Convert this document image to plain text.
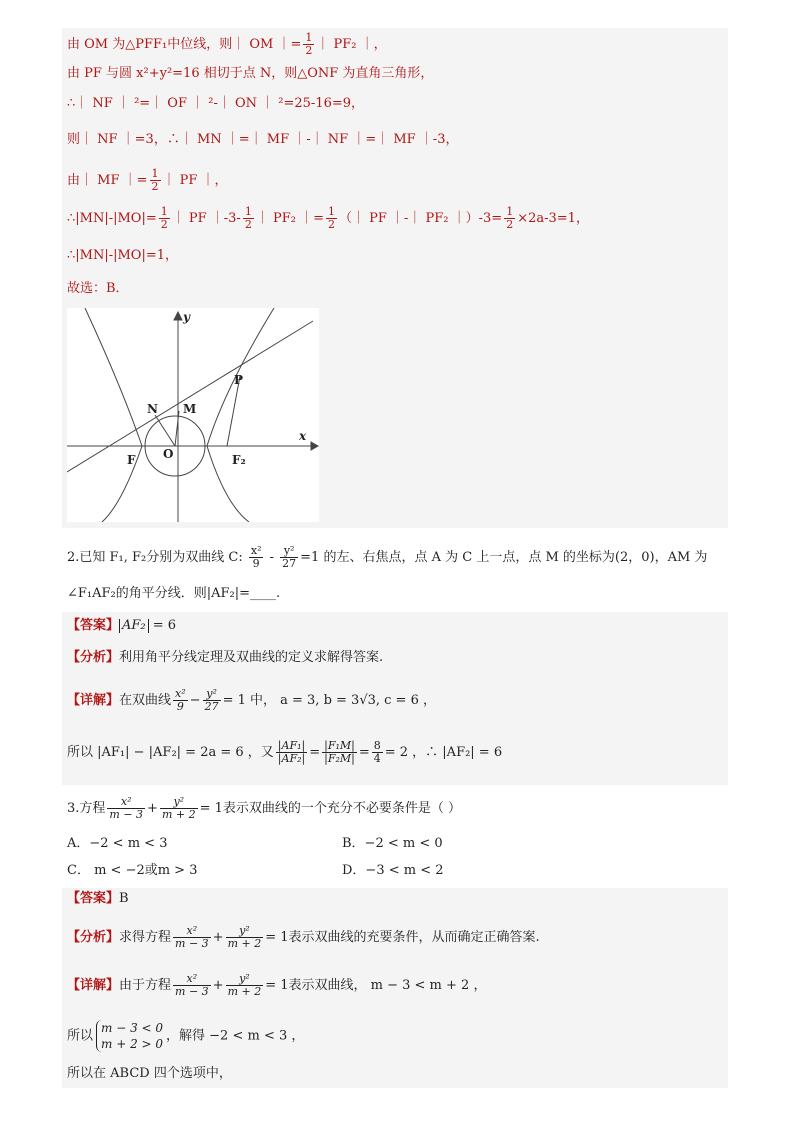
由 OM 为△PFF₁中位线，则｜ OM ｜= $\frac{1}{2}$ ｜ PF₂ ｜，
由 PF 与圆 x²+y²=16 相切于点 N，则△ONF 为直角三角形，
∴｜ NF ｜ ²=｜ OF ｜ ²-｜ ON ｜ ²=25-16=9，
则｜ NF ｜=3，∴｜ MN ｜=｜ MF ｜-｜ NF ｜=｜ MF ｜-3，
由｜ MF ｜= $\frac{1}{2}$ ｜ PF ｜，
∴|MN|-|MO|= $\frac{1}{2}$ ｜ PF ｜-3- $\frac{1}{2}$ ｜ PF₂ ｜= $\frac{1}{2}$ （｜ PF ｜-｜ PF₂ ｜）-3= $\frac{1}{2} \times 2a-3=1$，
∴|MN|-|MO|=1，
故选：B．
y
x
N M
P
F O	F₂
2.已知 F₁, F₂分别为双曲线 C: $\frac{\text{x²}}{9} - \frac{\text{y²}}{27} =1$ 的左、右焦点，点 A 为 C 上一点，点 M 的坐标为(2，0)，AM 为
∠F₁AF₂的角平分线．则|AF₂|=____.
【答案】 AF₂ = 6
【分析】利用角平分线定理及双曲线的定义求解得答案.
【详解】在双曲线 $\frac{\text{x²}}{9} - \frac{\text{y²}}{27} = 1$ 中， a = 3, b = 3√3, c = 6 ，
所以 |AF₁| − |AF₂| = 2a = 6 ，又 $\frac{\text{|AF₁|}}{\text{|AF₂|}} = \frac{\text{|F₁M|}}{\text{|F₂M|}} = \frac{8}{4} = 2$ ，∴ |AF₂| = 6
3.方程 $\frac{\text{x²}}{m - 3} + \frac{\text{y²}}{m + 2} = 1$表示双曲线的一个充分不必要条件是（ ）
A．−2 < m < 3	B．−2 < m < 0
C． m < −2或m > 3	D．−3 < m < 2
【答案】B
【分析】求得方程 $\frac{\text{x²}}{m - 3} + \frac{\text{y²}}{m + 2} = 1$表示双曲线的充要条件，从而确定正确答案.
【详解】由于方程 $\frac{\text{x²}}{m - 3} + \frac{\text{y²}}{m + 2} = 1$表示双曲线， m − 3 < m + 2 ，
所以
m − 3 < 0
m + 2 > 0
，解得 −2 < m < 3 ，
所以在 ABCD 四个选项中，
